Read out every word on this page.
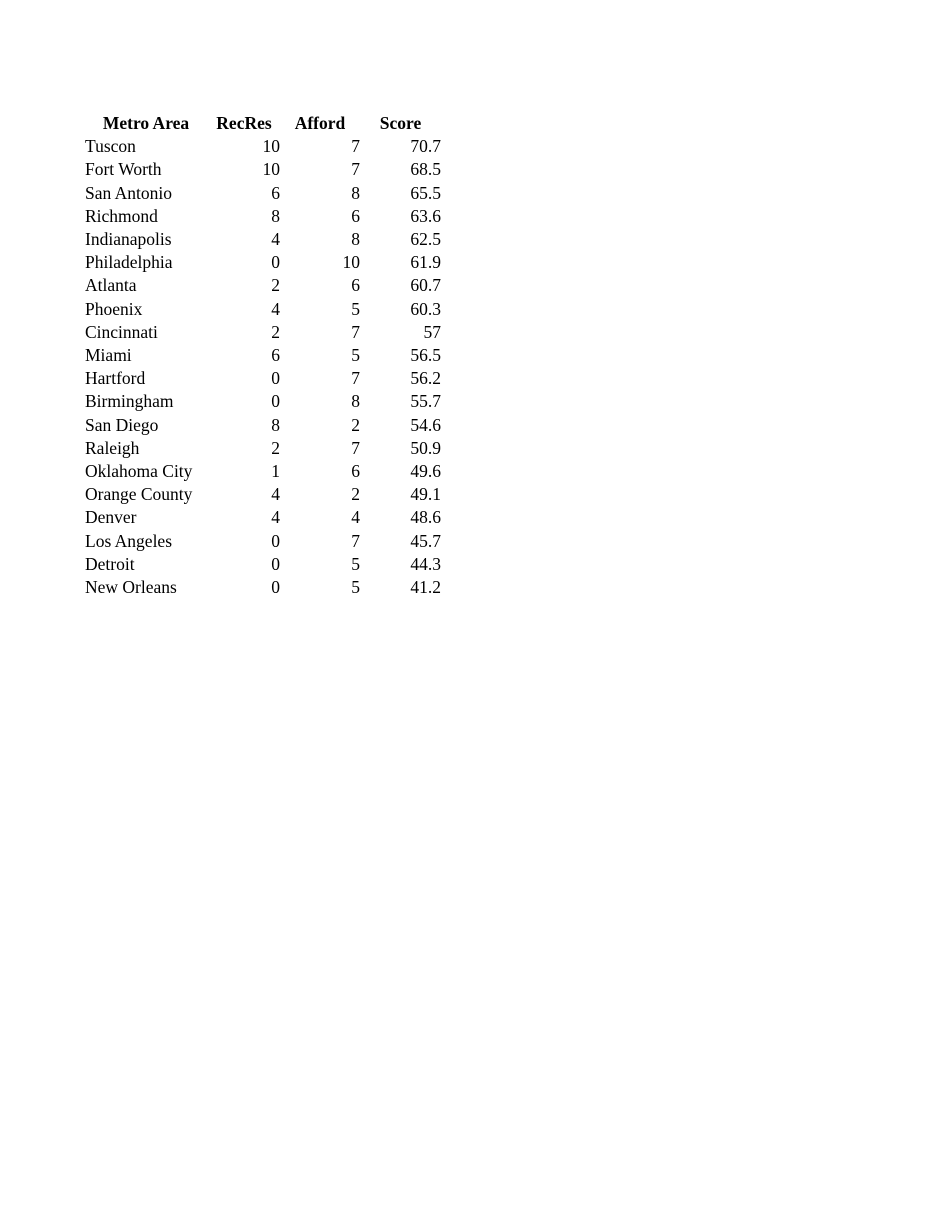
Metro Area	RecRes	Afford	Score
Tuscon	10	7	70.7
Fort Worth	10	7	68.5
San Antonio	6	8	65.5
Richmond	8	6	63.6
Indianapolis	4	8	62.5
Philadelphia	0	10	61.9
Atlanta	2	6	60.7
Phoenix	4	5	60.3
Cincinnati	2	7	57
Miami	6	5	56.5
Hartford	0	7	56.2
Birmingham	0	8	55.7
San Diego	8	2	54.6
Raleigh	2	7	50.9
Oklahoma City	1	6	49.6
Orange County	4	2	49.1
Denver	4	4	48.6
Los Angeles	0	7	45.7
Detroit	0	5	44.3
New Orleans	0	5	41.2
